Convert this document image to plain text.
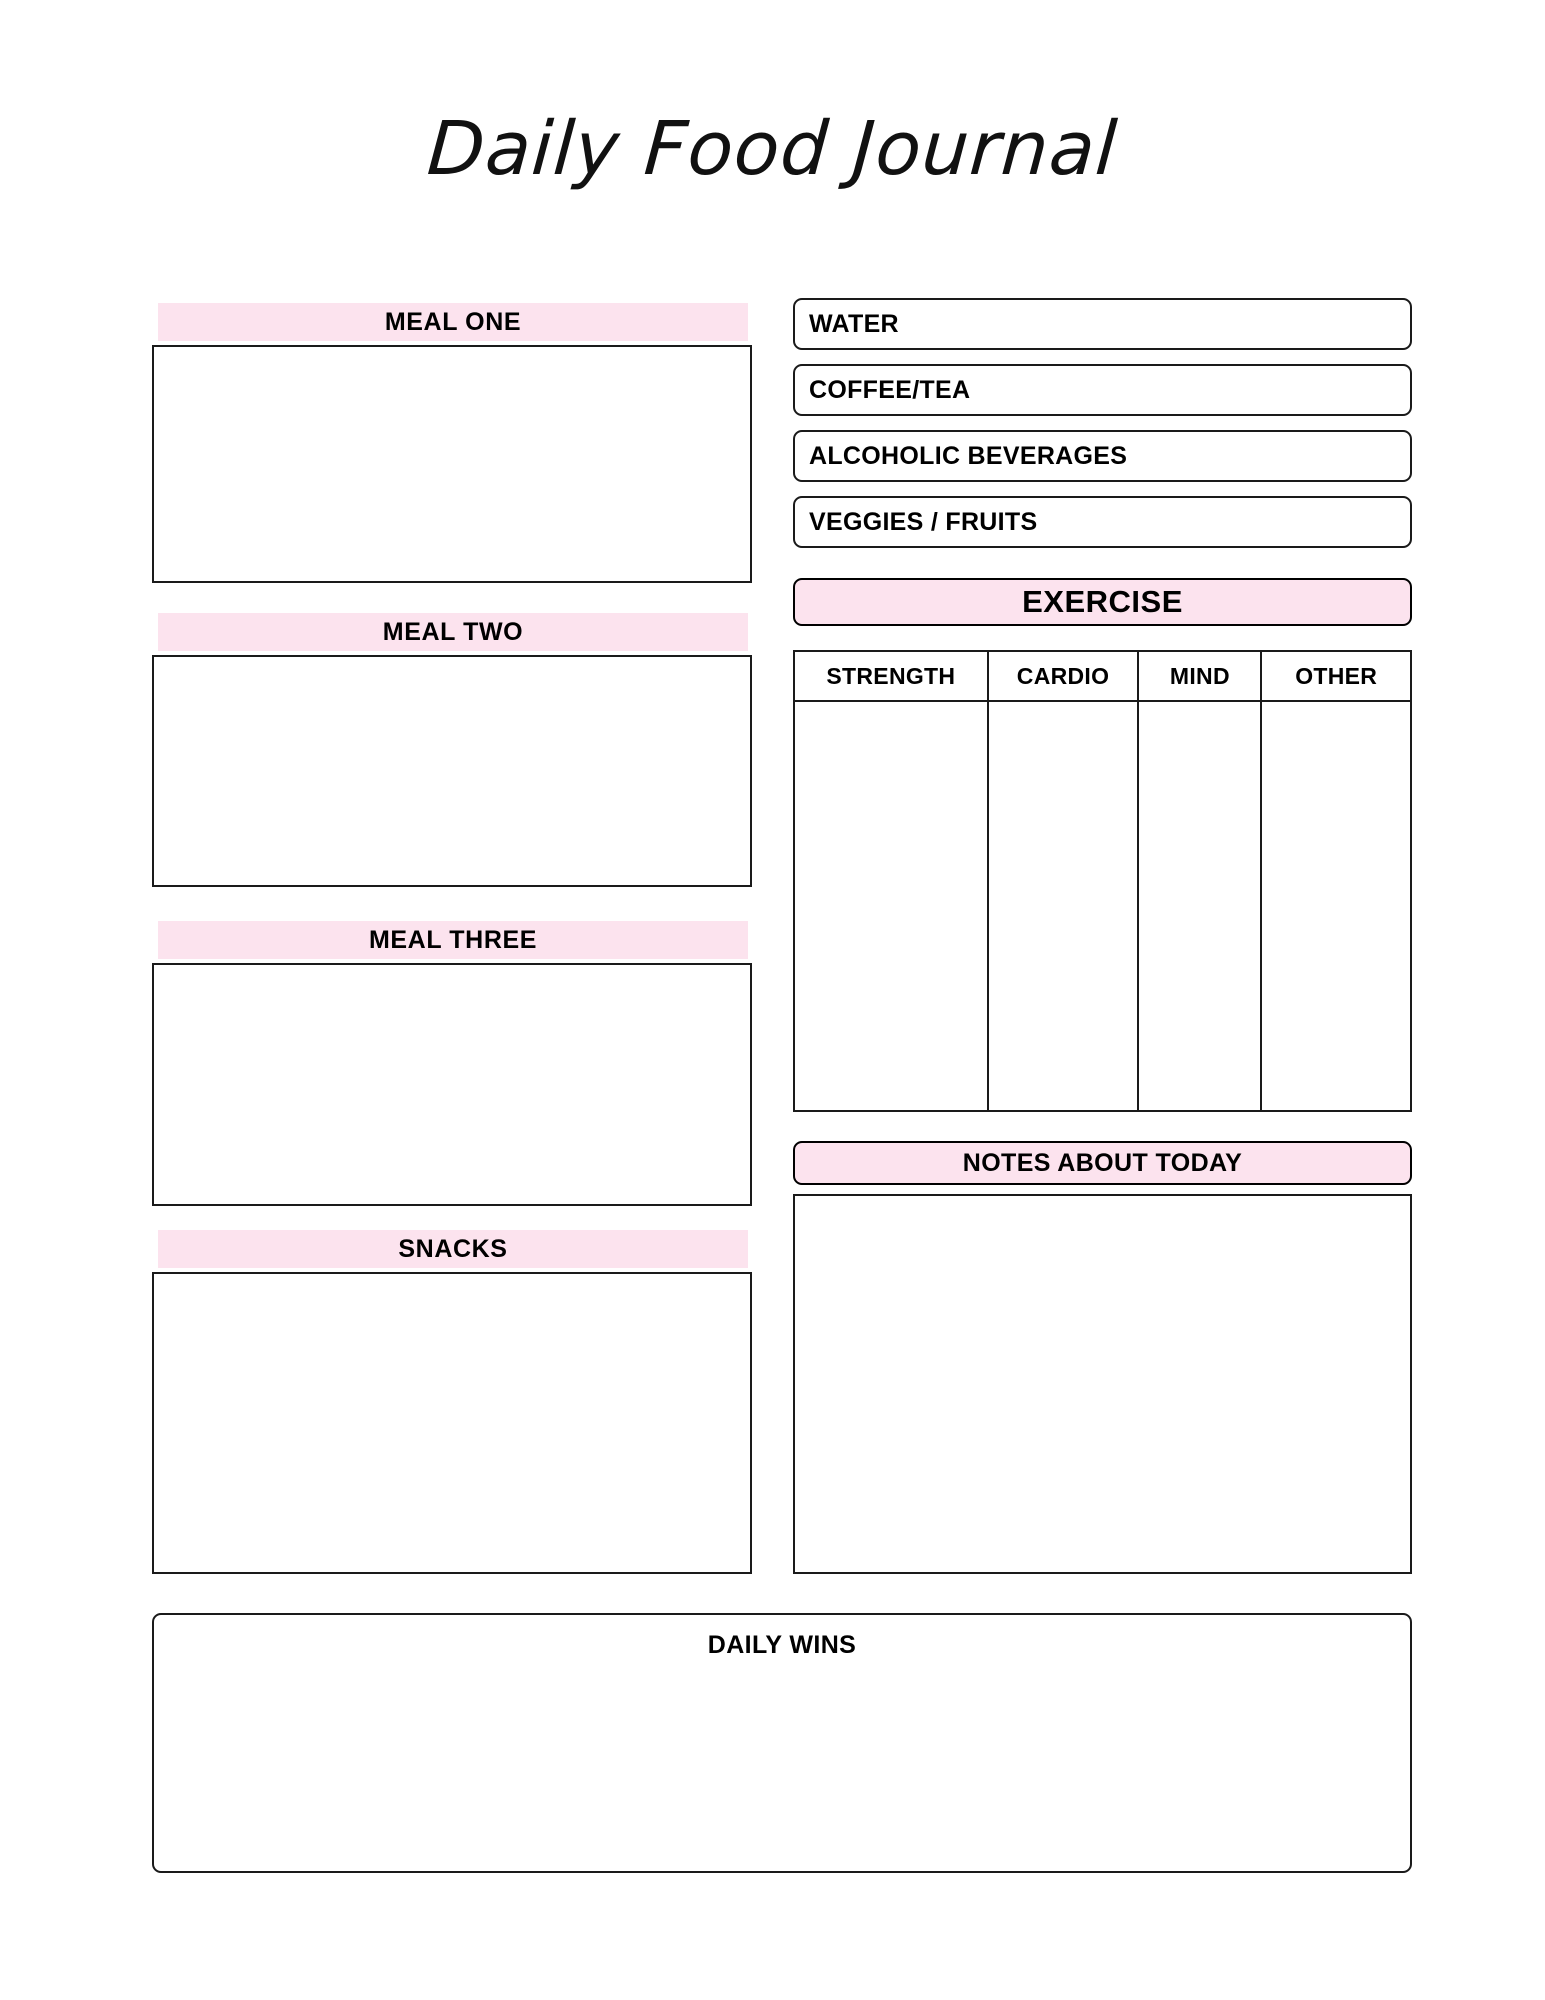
Daily Food Journal
MEAL ONE
MEAL TWO
MEAL THREE
SNACKS
WATER
COFFEE/TEA
ALCOHOLIC BEVERAGES
VEGGIES / FRUITS
EXERCISE
STRENGTH	CARDIO	MIND	OTHER
NOTES ABOUT TODAY
DAILY WINS
